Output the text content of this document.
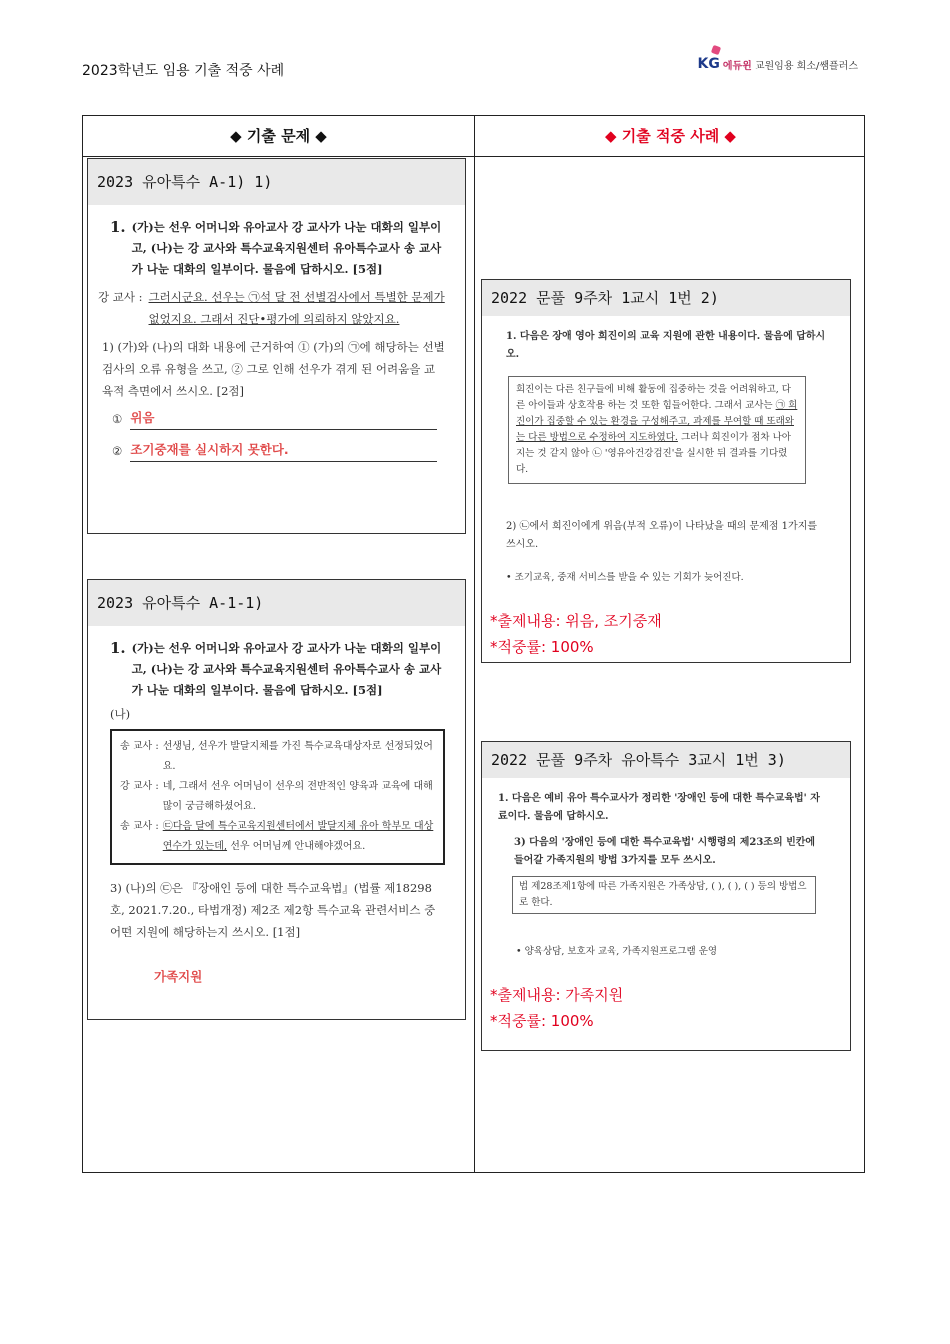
2023학년도 임용 기출 적중 사례	KG 에듀윈 교원임용 희소/쌤플러스
◆ 기출 문제 ◆	◆ 기출 적중 사례 ◆
2023 유아특수 A-1) 1)
1. (가)는 선우 어머니와 유아교사 강 교사가 나눈 대화의 일부이고, (나)는 강 교사와 특수교육지원센터 유아특수교사 송 교사가 나눈 대화의 일부이다. 물음에 답하시오. [5점]
강 교사 : 그러시군요. 선우는 ㉠석 달 전 선별검사에서 특별한 문제가 없었지요. 그래서 진단•평가에 의뢰하지 않았지요.
1) (가)와 (나)의 대화 내용에 근거하여 ① (가)의 ㉠에 해당하는 선별검사의 오류 유형을 쓰고, ② 그로 인해 선우가 겪게 된 어려움을 교육적 측면에서 쓰시오. [2점]
① 위음
② 조기중재를 실시하지 못한다.
2023 유아특수 A-1-1)
1. (가)는 선우 어머니와 유아교사 강 교사가 나눈 대화의 일부이고, (나)는 강 교사와 특수교육지원센터 유아특수교사 송 교사가 나눈 대화의 일부이다. 물음에 답하시오. [5점]
(나)
송 교사 : 선생님, 선우가 발달지체를 가진 특수교육대상자로 선정되었어요.
강 교사 : 네, 그래서 선우 어머님이 선우의 전반적인 양육과 교육에 대해 많이 궁금해하셨어요.
송 교사 : ㉢다음 달에 특수교육지원센터에서 발달지체 유아 학부모 대상 연수가 있는데, 선우 어머님께 안내해야겠어요.
3) (나)의 ㉢은 『장애인 등에 대한 특수교육법』(법률 제18298호, 2021.7.20., 타법개정) 제2조 제2항 특수교육 관련서비스 중 어떤 지원에 해당하는지 쓰시오. [1점]
가족지원
2022 문풀 9주차 1교시 1번 2)
1. 다음은 장애 영아 희진이의 교육 지원에 관한 내용이다. 물음에 답하시오.
희진이는 다른 친구들에 비해 활동에 집중하는 것을 어려워하고, 다른 아이들과 상호작용 하는 것 또한 힘들어한다. 그래서 교사는 ㉠ 희진이가 집중할 수 있는 환경을 구성해주고, 과제를 부여할 때 또래와는 다른 방법으로 수정하여 지도하였다. 그러나 희진이가 점차 나아지는 것 같지 않아 ㉡ '영유아건강검진'을 실시한 뒤 결과를 기다렸다.
2) ㉡에서 희진이에게 위음(부적 오류)이 나타났을 때의 문제점 1가지를 쓰시오.
• 조기교육, 중재 서비스를 받을 수 있는 기회가 늦어진다.
*출제내용: 위음, 조기중재
*적중률: 100%
2022 문풀 9주차 유아특수 3교시 1번 3)
1. 다음은 예비 유아 특수교사가 정리한 '장애인 등에 대한 특수교육법' 자료이다. 물음에 답하시오.
3) 다음의 '장애인 등에 대한 특수교육법' 시행령의 제23조의 빈칸에 들어갈 가족지원의 방법 3가지를 모두 쓰시오.
법 제28조제1항에 따른 가족지원은 가족상담, ( ), ( ), ( ) 등의 방법으로 한다.
• 양육상담, 보호자 교육, 가족지원프로그램 운영
*출제내용: 가족지원
*적중률: 100%
